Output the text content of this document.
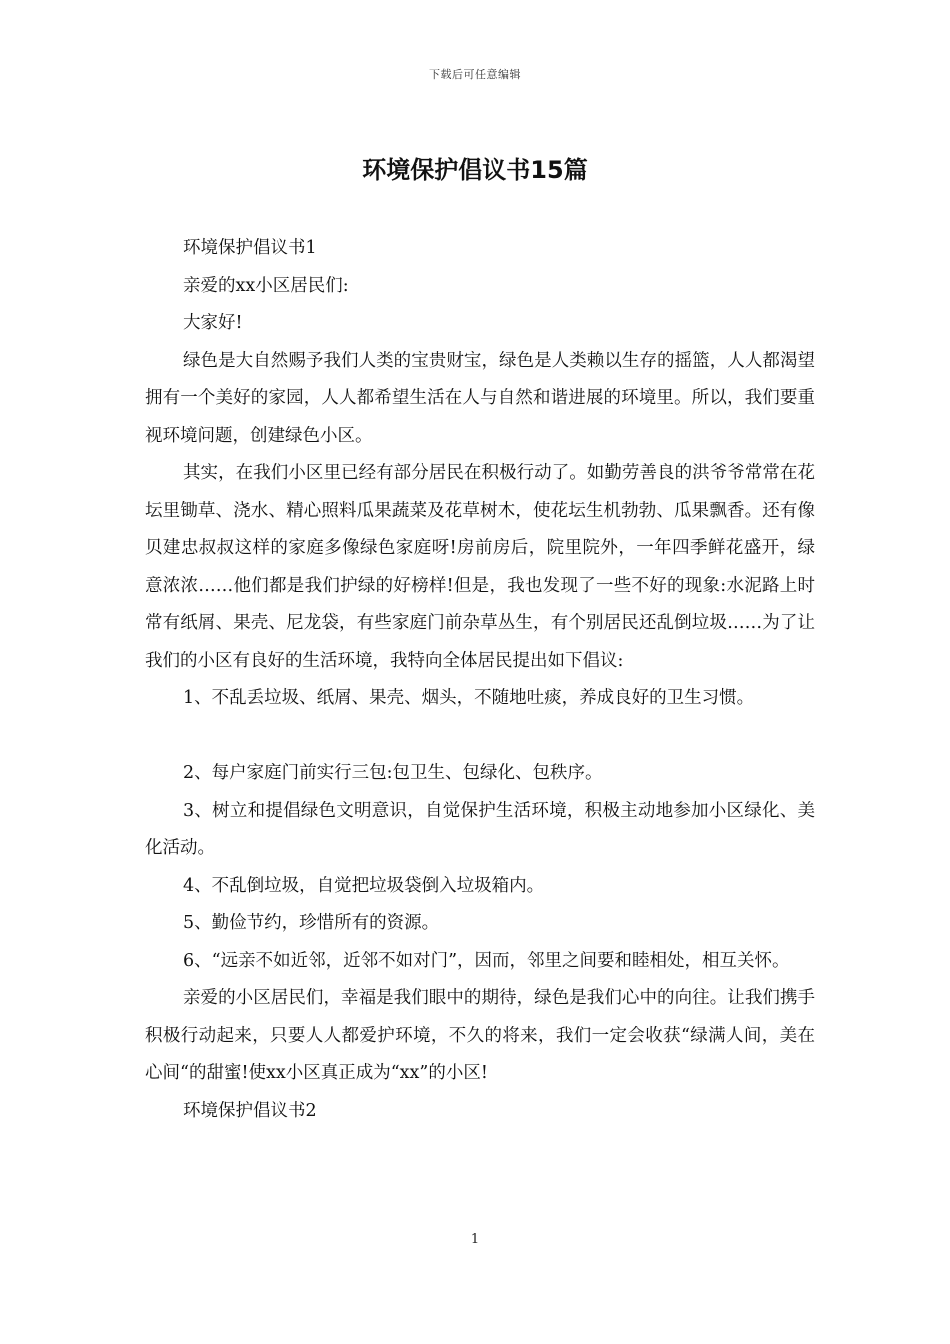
下载后可任意编辑
环境保护倡议书15篇

环境保护倡议书1

亲爱的xx小区居民们:

大家好!

绿色是大自然赐予我们人类的宝贵财宝，绿色是人类赖以生存的摇篮，人人都渴望拥有一个美好的家园，人人都希望生活在人与自然和谐进展的环境里。所以，我们要重视环境问题，创建绿色小区。

其实，在我们小区里已经有部分居民在积极行动了。如勤劳善良的洪爷爷常常在花坛里锄草、浇水、精心照料瓜果蔬菜及花草树木，使花坛生机勃勃、瓜果飘香。还有像贝建忠叔叔这样的家庭多像绿色家庭呀!房前房后，院里院外，一年四季鲜花盛开，绿意浓浓……他们都是我们护绿的好榜样!但是，我也发现了一些不好的现象:水泥路上时常有纸屑、果壳、尼龙袋，有些家庭门前杂草丛生，有个别居民还乱倒垃圾……为了让我们的小区有良好的生活环境，我特向全体居民提出如下倡议:

1、不乱丢垃圾、纸屑、果壳、烟头，不随地吐痰，养成良好的卫生习惯。

2、每户家庭门前实行三包:包卫生、包绿化、包秩序。

3、树立和提倡绿色文明意识，自觉保护生活环境，积极主动地参加小区绿化、美化活动。

4、不乱倒垃圾，自觉把垃圾袋倒入垃圾箱内。

5、勤俭节约，珍惜所有的资源。

6、“远亲不如近邻，近邻不如对门”，因而，邻里之间要和睦相处，相互关怀。

亲爱的小区居民们，幸福是我们眼中的期待，绿色是我们心中的向往。让我们携手积极行动起来，只要人人都爱护环境，不久的将来，我们一定会收获“绿满人间，美在心间“的甜蜜!使xx小区真正成为“xx”的小区!

环境保护倡议书2

1
